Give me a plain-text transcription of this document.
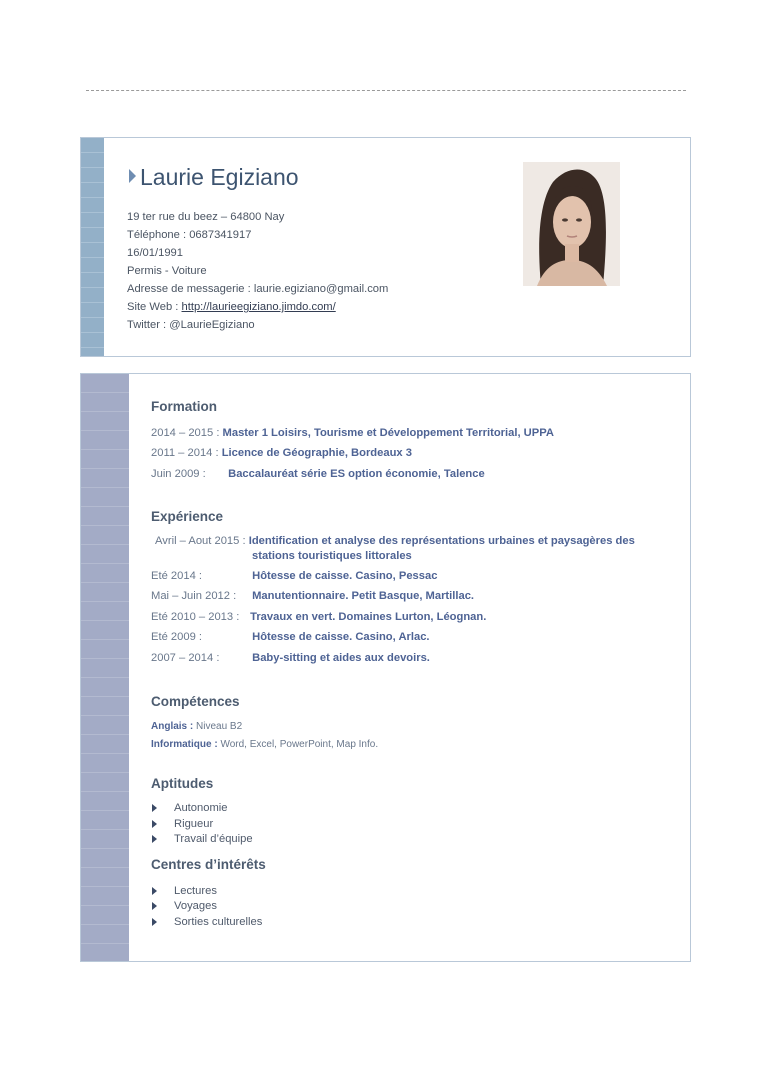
Laurie Egiziano
19 ter rue du beez – 64800 Nay
Téléphone : 0687341917
16/01/1991
Permis - Voiture
Adresse de messagerie : laurie.egiziano@gmail.com
Site Web : http://laurieegiziano.jimdo.com/
Twitter : @LaurieEgiziano
Formation
2014 – 2015 : Master 1 Loisirs, Tourisme et Développement Territorial, UPPA
2011 – 2014 : Licence de Géographie, Bordeaux 3
Juin 2009 : Baccalauréat série ES option économie, Talence
Expérience
Avril – Aout 2015 : Identification et analyse des représentations urbaines et paysagères des
stations touristiques littorales
Eté 2014 :	Hôtesse de caisse. Casino, Pessac
Mai – Juin 2012 : Manutentionnaire. Petit Basque, Martillac.
Eté 2010 – 2013 : Travaux en vert. Domaines Lurton, Léognan.
Eté 2009 :	Hôtesse de caisse. Casino, Arlac.
2007 – 2014 :	Baby-sitting et aides aux devoirs.
Compétences
Anglais : Niveau B2
Informatique : Word, Excel, PowerPoint, Map Info.
Aptitudes
Autonomie
Rigueur
Travail d’équipe
Centres d’intérêts
Lectures
Voyages
Sorties culturelles
